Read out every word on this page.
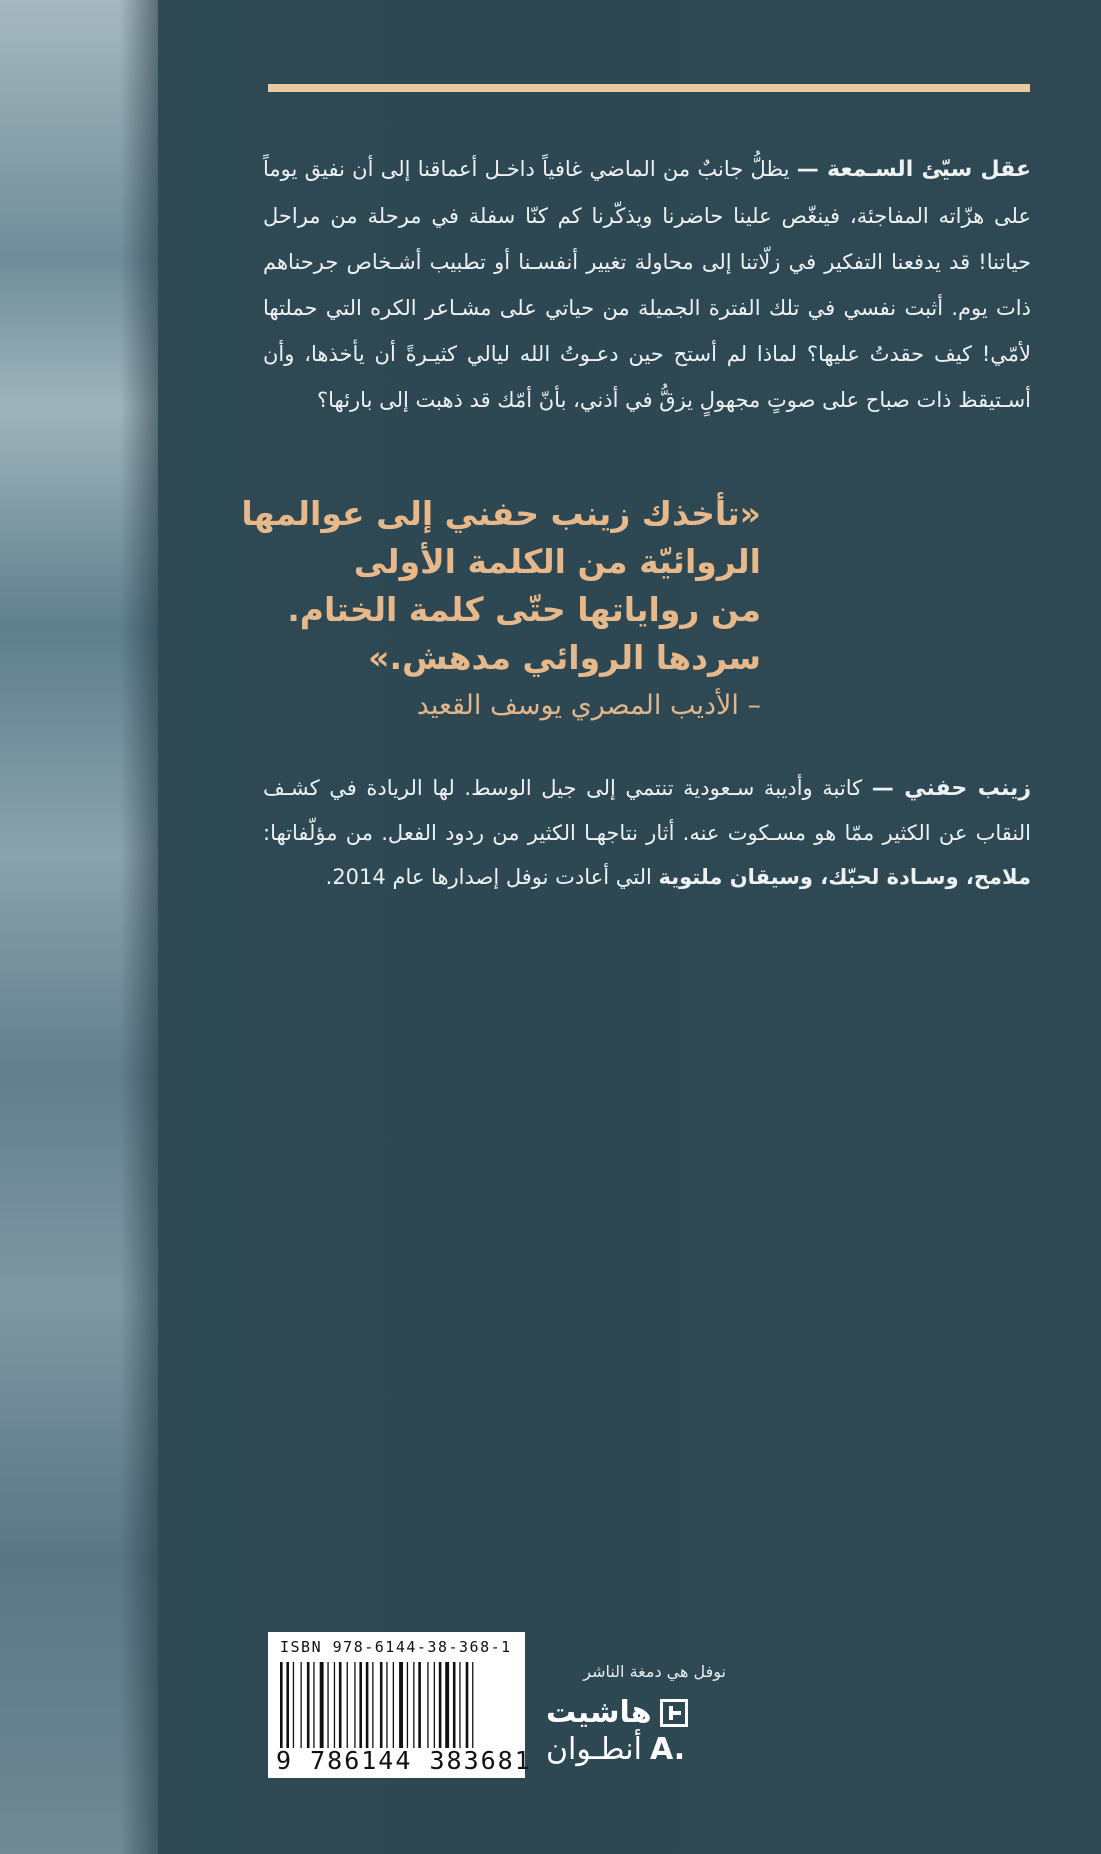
عقل سيّئ السـمعة — يظلُّ جانبٌ من الماضي غافياً داخـل أعماقنا إلى أن نفيق يوماً على هزّاته المفاجئة، فينغّص علينا حاضرنا ويذكّرنا كم كنّا سفلة في مرحلة من مراحل حياتنا! قد يدفعنا التفكير في زلّاتنا إلى محاولة تغيير أنفسـنا أو تطبيب أشـخاص جرحناهم ذات يوم. أثبت نفسي في تلك الفترة الجميلة من حياتي على مشـاعر الكره التي حملتها لأمّي! كيف حقدتُ عليها؟ لماذا لم أستح حين دعـوتُ الله ليالي كثيـرةً أن يأخذها، وأن أسـتيقظ ذات صباح على صوتٍ مجهولٍ يزقُّ في أذني، بأنّ أمّك قد ذهبت إلى بارئها؟
«تأخذك زينب حفني إلى عوالمها
الروائيّة من الكلمة الأولى
من رواياتها حتّى كلمة الختام.
سردها الروائي مدهش.»
– الأديب المصري يوسف القعيد
زينب حفني — كاتبة وأديبة سـعودية تنتمي إلى جيل الوسط. لها الريادة في كشـف النقاب عن الكثير ممّا هو مسـكوت عنه. أثار نتاجهـا الكثير من ردود الفعل. من مؤلّفاتها: ملامح، وسـادة لحبّك، وسيقان ملتوية التي أعادت نوفل إصدارها عام 2014.
ISBN 978-6144-38-368-1
9 786144 383681
نوفل هي دمغة الناشر
هاشيت
أنطـوان A.
